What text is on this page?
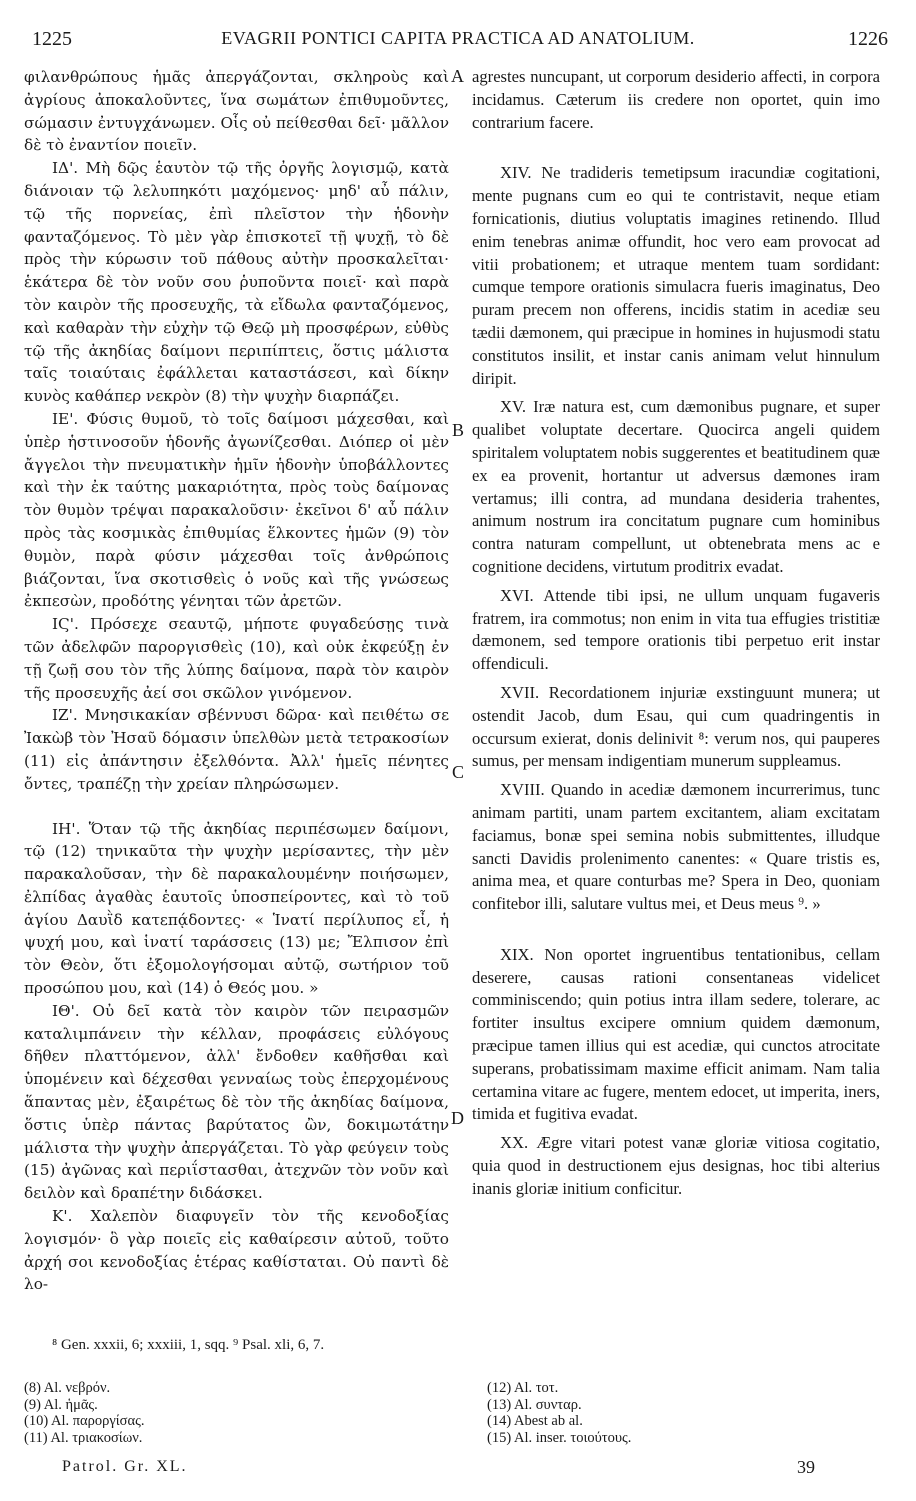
1225	EVAGRII PONTICI CAPITA PRACTICA AD ANATOLIUM.	1226

φιλανθρώπους ἡμᾶς ἀπεργάζονται, σκληροὺς καὶ ἀγρίους ἀποκαλοῦντες, ἵνα σωμάτων ἐπιθυμοῦντες, σώμασιν ἐντυγχάνωμεν. Οἷς οὐ πείθεσθαι δεῖ· μᾶλλον δὲ τὸ ἐναντίον ποιεῖν.

ΙΔ'. Μὴ δῷς ἑαυτὸν τῷ τῆς ὀργῆς λογισμῷ, κατὰ διάνοιαν τῷ λελυπηκότι μαχόμενος· μηδ' αὖ πάλιν, τῷ τῆς πορνείας, ἐπὶ πλεῖστον τὴν ἡδονὴν φανταζόμενος. Τὸ μὲν γὰρ ἐπισκοτεῖ τῇ ψυχῇ, τὸ δὲ πρὸς τὴν κύρωσιν τοῦ πάθους αὐτὴν προσκαλεῖται· ἑκάτερα δὲ τὸν νοῦν σου ῥυποῦντα ποιεῖ· καὶ παρὰ τὸν καιρὸν τῆς προσευχῆς, τὰ εἴδωλα φανταζόμενος, καὶ καθαρὰν τὴν εὐχὴν τῷ Θεῷ μὴ προσφέρων, εὐθὺς τῷ τῆς ἀκηδίας δαίμονι περιπίπτεις, ὅστις μάλιστα ταῖς τοιαύταις ἐφάλλεται καταστάσεσι, καὶ δίκην κυνὸς καθάπερ νεκρὸν (8) τὴν ψυχὴν διαρπάζει.

ΙΕ'. Φύσις θυμοῦ, τὸ τοῖς δαίμοσι μάχεσθαι, καὶ ὑπὲρ ἡστινοσοῦν ἡδονῆς ἀγωνίζεσθαι. Διόπερ οἱ μὲν ἄγγελοι τὴν πνευματικὴν ἡμῖν ἡδονὴν ὑποβάλλοντες καὶ τὴν ἐκ ταύτης μακαριότητα, πρὸς τοὺς δαίμονας τὸν θυμὸν τρέψαι παρακαλοῦσιν· ἐκεῖνοι δ' αὖ πάλιν πρὸς τὰς κοσμικὰς ἐπιθυμίας ἕλκοντες ἡμῶν (9) τὸν θυμὸν, παρὰ φύσιν μάχεσθαι τοῖς ἀνθρώποις βιάζονται, ἵνα σκοτισθεὶς ὁ νοῦς καὶ τῆς γνώσεως ἐκπεσὼν, προδότης γένηται τῶν ἀρετῶν.

ΙϚ'. Πρόσεχε σεαυτῷ, μήποτε φυγαδεύσῃς τινὰ τῶν ἀδελφῶν παροργισθεὶς (10), καὶ οὐκ ἐκφεύξῃ ἐν τῇ ζωῇ σου τὸν τῆς λύπης δαίμονα, παρὰ τὸν καιρὸν τῆς προσευχῆς ἀεί σοι σκῶλον γινόμενον.

ΙΖ'. Μνησικακίαν σβέννυσι δῶρα· καὶ πειθέτω σε Ἰακὼβ τὸν Ἠσαῦ δόμασιν ὑπελθὼν μετὰ τετρακοσίων (11) εἰς ἀπάντησιν ἐξελθόντα. Ἀλλ' ἡμεῖς πένητες ὄντες, τραπέζῃ τὴν χρείαν πληρώσωμεν.

ΙΗ'. Ὅταν τῷ τῆς ἀκηδίας περιπέσωμεν δαίμονι, τῷ (12) τηνικαῦτα τὴν ψυχὴν μερίσαντες, τὴν μὲν παρακαλοῦσαν, τὴν δὲ παρακαλουμένην ποιήσωμεν, ἐλπίδας ἀγαθὰς ἑαυτοῖς ὑποσπείροντες, καὶ τὸ τοῦ ἁγίου Δαυῒδ κατεπᾴδοντες· « Ἱνατί περίλυπος εἶ, ἡ ψυχή μου, καὶ ἱνατί ταράσσεις (13) με; Ἔλπισον ἐπὶ τὸν Θεὸν, ὅτι ἐξομολογήσομαι αὐτῷ, σωτήριον τοῦ προσώπου μου, καὶ (14) ὁ Θεός μου. »

ΙΘ'. Οὐ δεῖ κατὰ τὸν καιρὸν τῶν πειρασμῶν καταλιμπάνειν τὴν κέλλαν, προφάσεις εὐλόγους δῆθεν πλαττόμενον, ἀλλ' ἔνδοθεν καθῆσθαι καὶ ὑπομένειν καὶ δέχεσθαι γενναίως τοὺς ἐπερχομένους ἅπαντας μὲν, ἐξαιρέτως δὲ τὸν τῆς ἀκηδίας δαίμονα, ὅστις ὑπὲρ πάντας βαρύτατος ὢν, δοκιμωτάτην μάλιστα τὴν ψυχὴν ἀπεργάζεται. Τὸ γὰρ φεύγειν τοὺς (15) ἀγῶνας καὶ περιΐστασθαι, ἀτεχνῶν τὸν νοῦν καὶ δειλὸν καὶ δραπέτην διδάσκει.

Κ'. Χαλεπὸν διαφυγεῖν τὸν τῆς κενοδοξίας λογισμόν· ὃ γὰρ ποιεῖς εἰς καθαίρεσιν αὐτοῦ, τοῦτο ἀρχή σοι κενοδοξίας ἑτέρας καθίσταται. Οὐ παντὶ δὲ λο-

A
B
C
D

agrestes nuncupant, ut corporum desiderio affecti, in corpora incidamus. Cæterum iis credere non oportet, quin imo contrarium facere.

XIV. Ne tradideris temetipsum iracundiæ cogitationi, mente pugnans cum eo qui te contristavit, neque etiam fornicationis, diutius voluptatis imagines retinendo. Illud enim tenebras animæ offundit, hoc vero eam provocat ad vitii probationem; et utraque mentem tuam sordidant: cumque tempore orationis simulacra fueris imaginatus, Deo puram precem non offerens, incidis statim in acediæ seu tædii dæmonem, qui præcipue in homines in hujusmodi statu constitutos insilit, et instar canis animam velut hinnulum diripit.

XV. Iræ natura est, cum dæmonibus pugnare, et super qualibet voluptate decertare. Quocirca angeli quidem spiritalem voluptatem nobis suggerentes et beatitudinem quæ ex ea provenit, hortantur ut adversus dæmones iram vertamus; illi contra, ad mundana desideria trahentes, animum nostrum ira concitatum pugnare cum hominibus contra naturam compellunt, ut obtenebrata mens ac e cognitione decidens, virtutum proditrix evadat.

XVI. Attende tibi ipsi, ne ullum unquam fugaveris fratrem, ira commotus; non enim in vita tua effugies tristitiæ dæmonem, sed tempore orationis tibi perpetuo erit instar offendiculi.

XVII. Recordationem injuriæ exstinguunt munera; ut ostendit Jacob, dum Esau, qui cum quadringentis in occursum exierat, donis delinivit ⁸: verum nos, qui pauperes sumus, per mensam indigentiam munerum suppleamus.

XVIII. Quando in acediæ dæmonem incurrerimus, tunc animam partiti, unam partem excitantem, aliam excitatam faciamus, bonæ spei semina nobis submittentes, illudque sancti Davidis prolenimento canentes: « Quare tristis es, anima mea, et quare conturbas me? Spera in Deo, quoniam confitebor illi, salutare vultus mei, et Deus meus ⁹. »

XIX. Non oportet ingruentibus tentationibus, cellam deserere, causas rationi consentaneas videlicet comminiscendo; quin potius intra illam sedere, tolerare, ac fortiter insultus excipere omnium quidem dæmonum, præcipue tamen illius qui est acediæ, qui cunctos atrocitate superans, probatissimam maxime efficit animam. Nam talia certamina vitare ac fugere, mentem edocet, ut imperita, iners, timida et fugitiva evadat.

XX. Ægre vitari potest vanæ gloriæ vitiosa cogitatio, quia quod in destructionem ejus designas, hoc tibi alterius inanis gloriæ initium conficitur.

⁸ Gen. xxxii, 6; xxxiii, 1, sqq. ⁹ Psal. xli, 6, 7.
(8) Al. νεβρόν.
(9) Al. ἡμᾶς.
(10) Al. παροργίσας.
(11) Al. τριακοσίων.
(12) Al. τοτ.
(13) Al. συνταρ.
(14) Abest ab al.
(15) Al. inser. τοιούτους.
Patrol. Gr. XL.	39
